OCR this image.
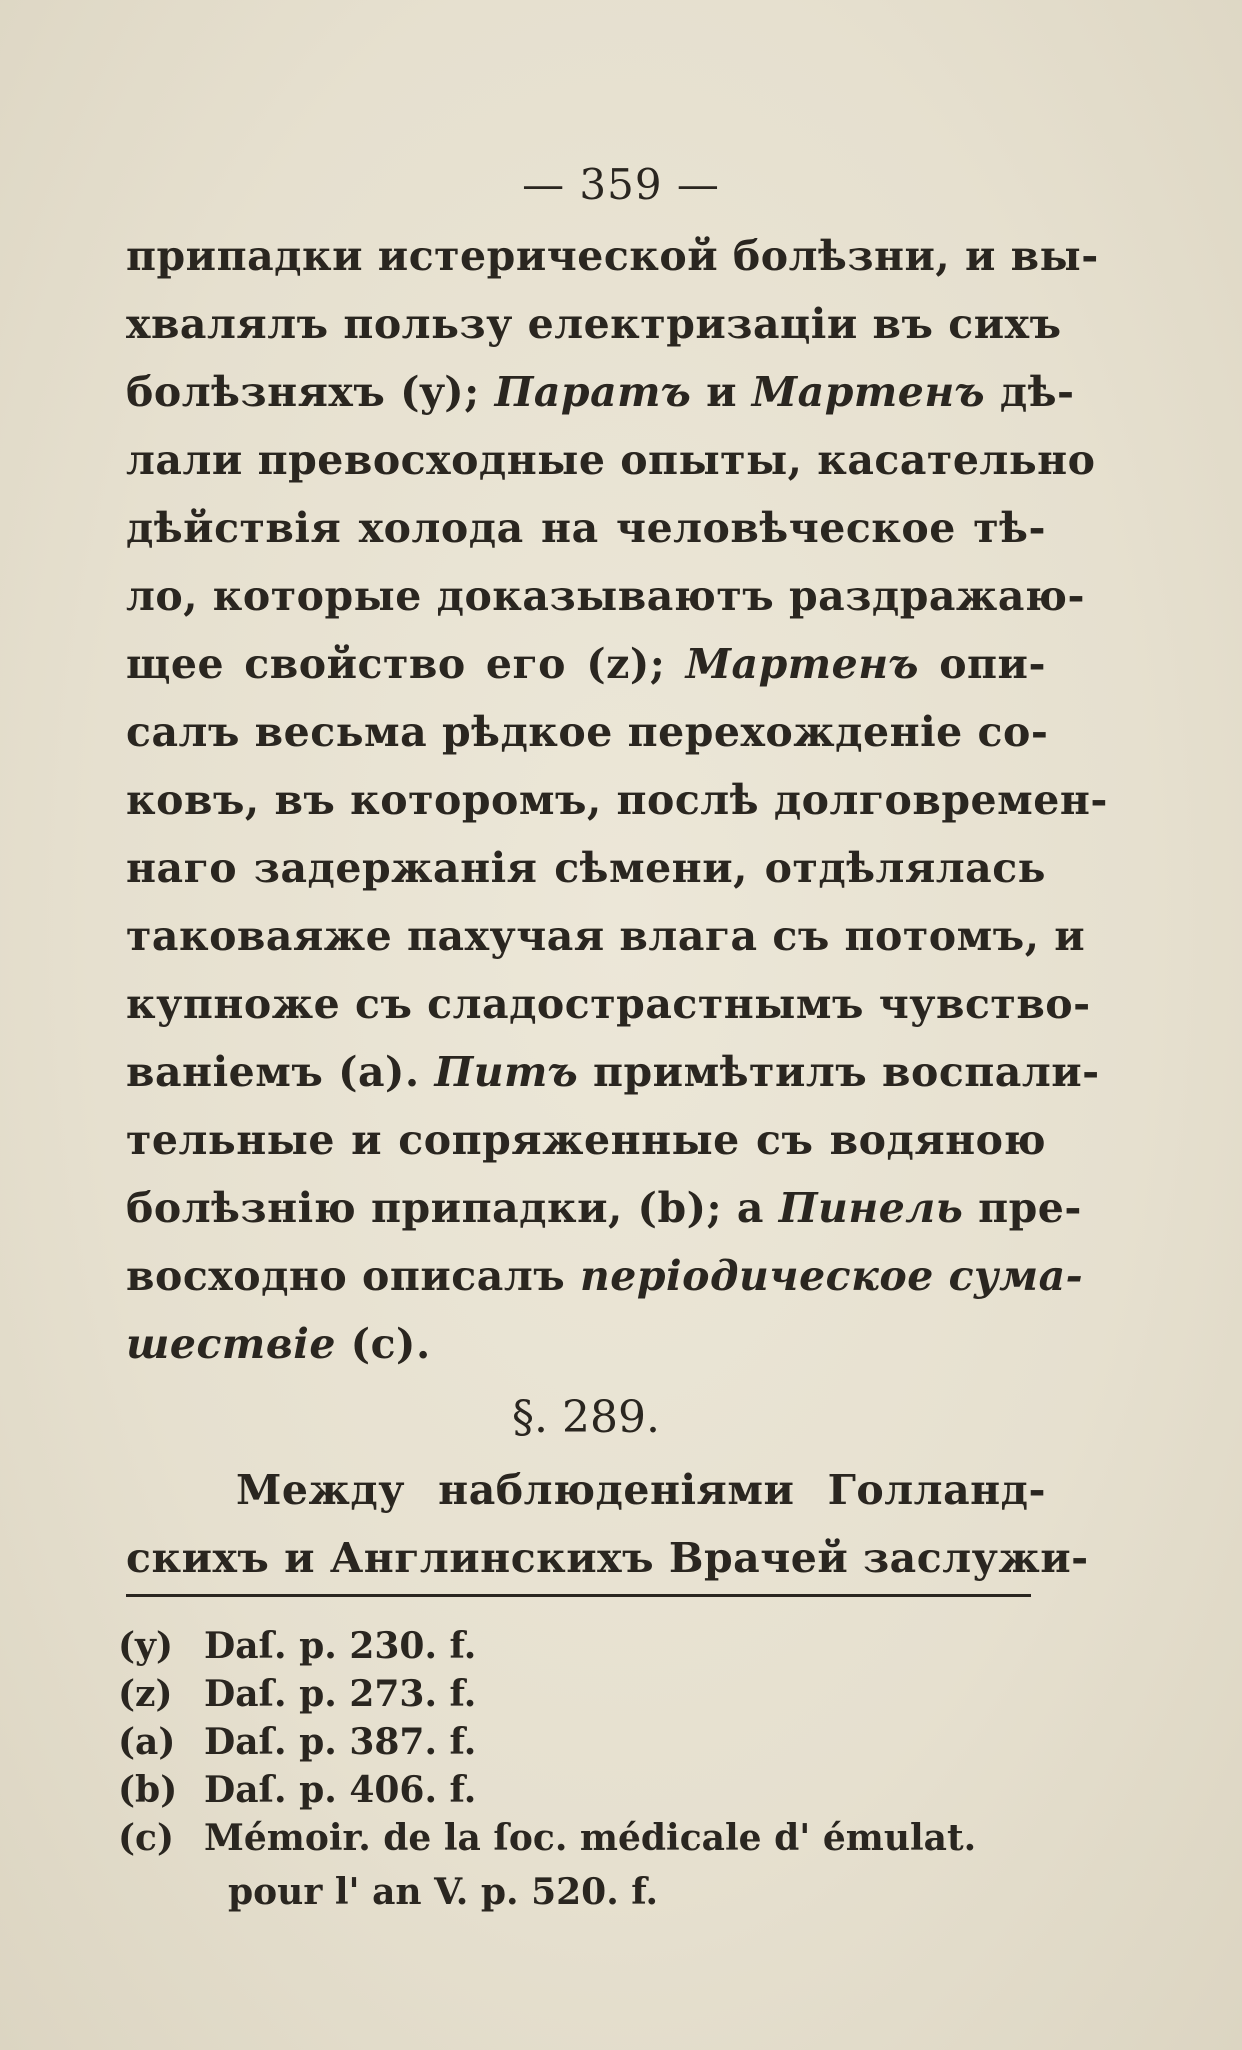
— 359 —
припадки истерической болѣзни, и вы-
хвалялъ пользу електризацiи въ сихъ
болѣзняхъ (y); Паратъ и Мартенъ дѣ-
лали превосходные опыты, касательно
дѣйствiя холода на человѣческое тѣ-
ло, которые доказываютъ раздражаю-
щее свойство его (z); Мартенъ опи-
салъ весьма рѣдкое перехожденiе со-
ковъ, въ которомъ, послѣ долговремен-
наго задержанiя сѣмени, отдѣлялась
таковаяже пахучая влага съ потомъ, и
купноже съ сладострастнымъ чувство-
ванiемъ (a). Питъ примѣтилъ воспали-
тельные и сопряженные съ водяною
болѣзнiю припадки, (b); а Пинель пре-
восходно описалъ перiодическое сума-
шествiе (c).
§. 289.
Между наблюденiями Голланд-
скихъ и Англинскихъ Врачей заслужи-
(y) Daſ. p. 230. f.
(z) Daſ. p. 273. f.
(a) Daſ. p. 387. f.
(b) Daſ. p. 406. f.
(c) Mémoir. de la ſoc. médicale d' émulat.
pour l' an V. p. 520. f.
